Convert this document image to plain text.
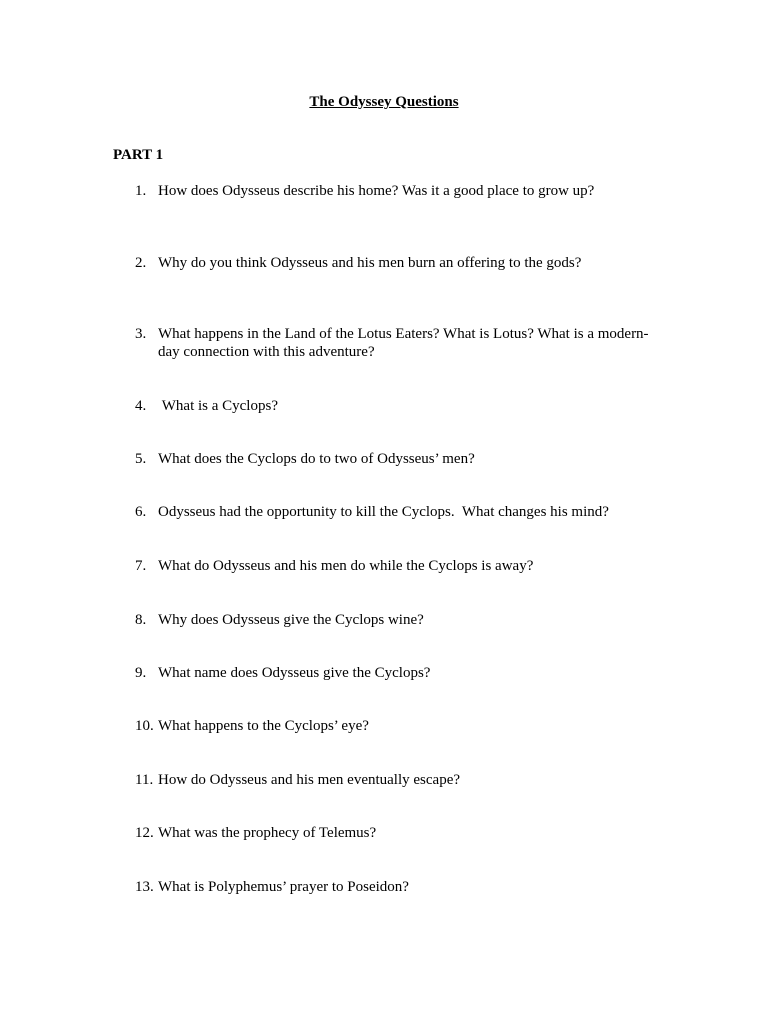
The Odyssey Questions
PART 1
1. How does Odysseus describe his home? Was it a good place to grow up?
2. Why do you think Odysseus and his men burn an offering to the gods?
3. What happens in the Land of the Lotus Eaters? What is Lotus? What is a modern-day connection with this adventure?
4. What is a Cyclops?
5. What does the Cyclops do to two of Odysseus’ men?
6. Odysseus had the opportunity to kill the Cyclops.  What changes his mind?
7. What do Odysseus and his men do while the Cyclops is away?
8. Why does Odysseus give the Cyclops wine?
9. What name does Odysseus give the Cyclops?
10. What happens to the Cyclops’ eye?
11. How do Odysseus and his men eventually escape?
12. What was the prophecy of Telemus?
13. What is Polyphemus’ prayer to Poseidon?
